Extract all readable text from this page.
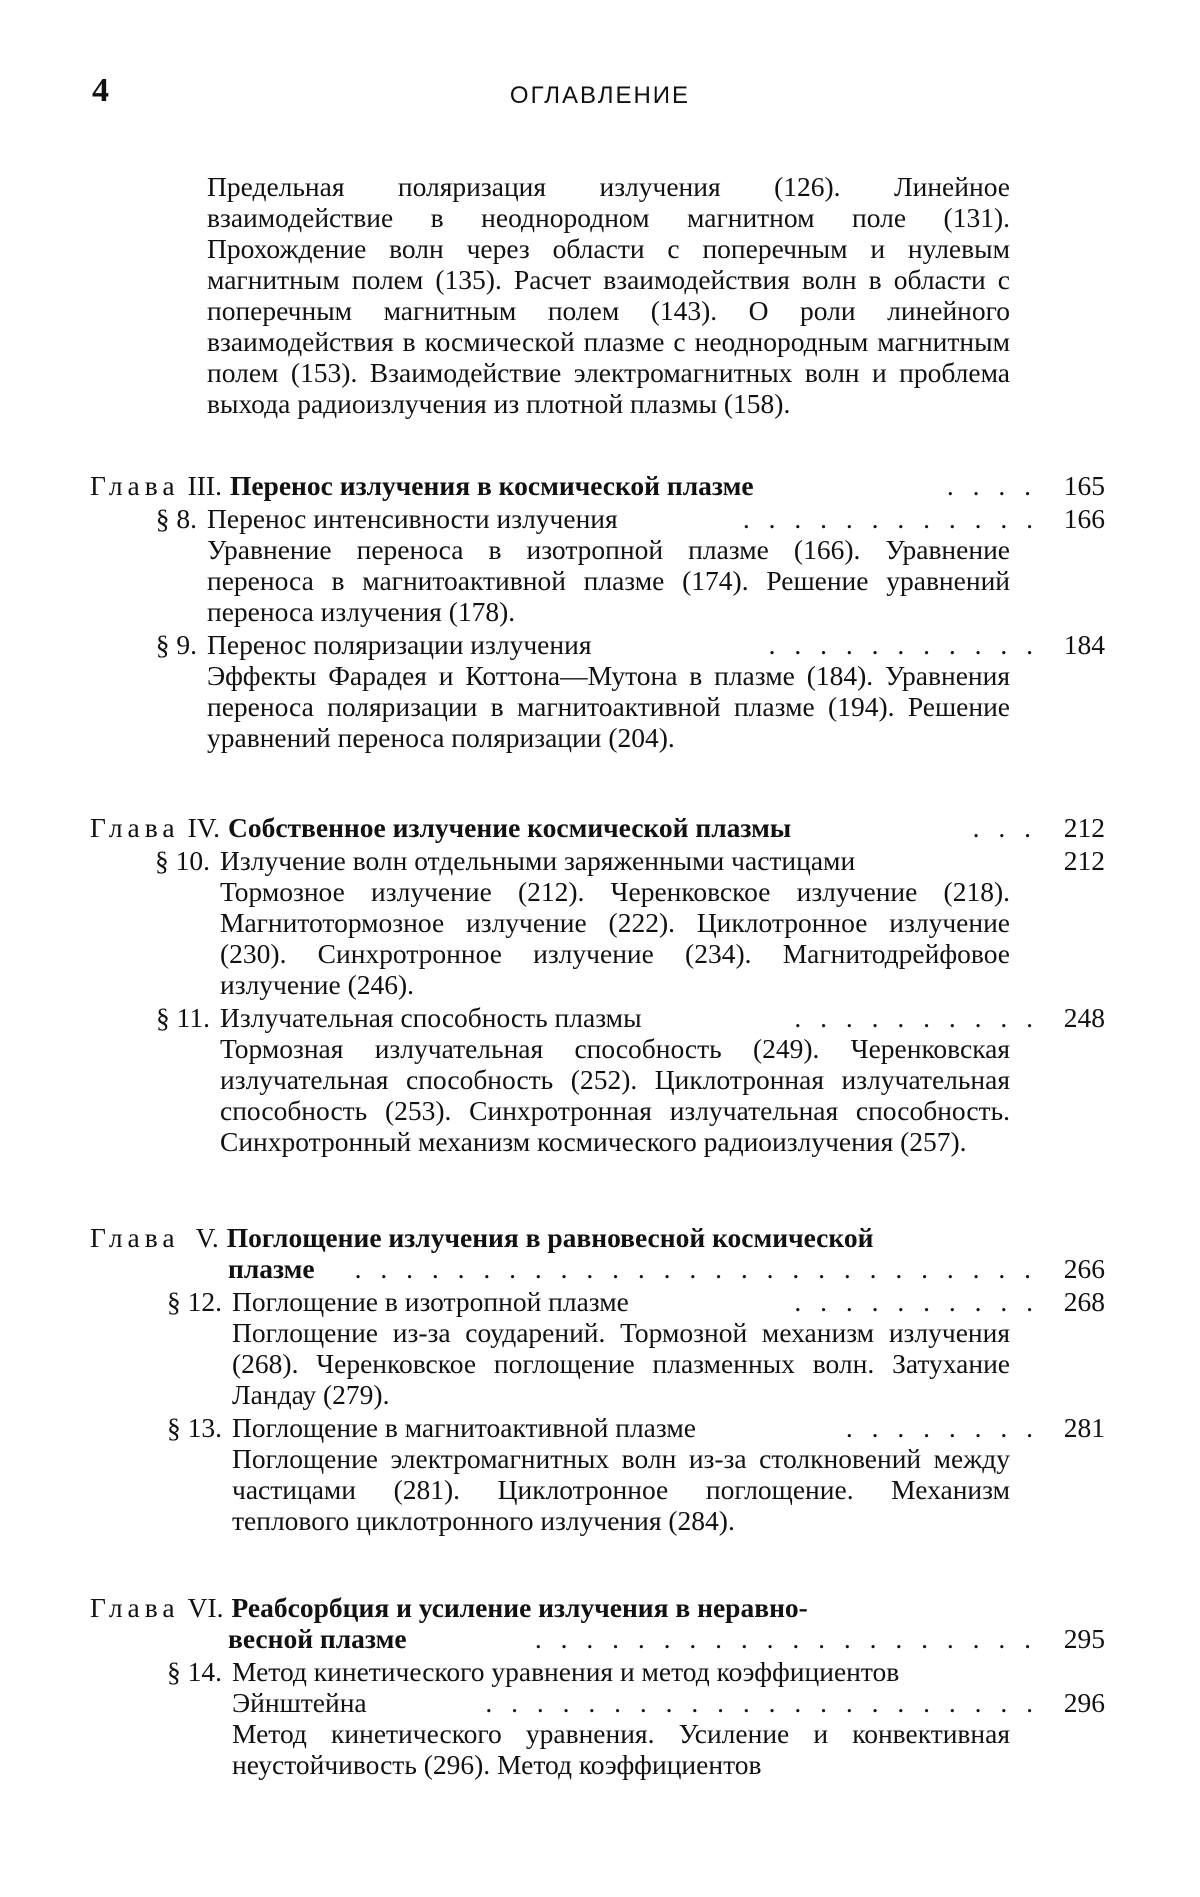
4	ОГЛАВЛЕНИЕ
Предельная поляризация излучения (126). Линейное взаимодействие в неоднородном магнитном поле (131). Прохождение волн через области с поперечным и нулевым магнитным полем (135). Расчет взаимодействия волн в области с поперечным магнитным полем (143). О роли линейного взаимодействия в космической плазме с неоднородным магнитным полем (153). Взаимодействие электромагнитных волн и проблема выхода радиоизлучения из плотной плазмы (158).
Глава III. Перенос излучения в космической плазме	. . . . 165
§ 8. Перенос интенсивности излучения	. . . . . . . . . . . . 166
Уравнение переноса в изотропной плазме (166). Уравнение переноса в магнитоактивной плазме (174). Решение уравнений переноса излучения (178).
§ 9. Перенос поляризации излучения	. . . . . . . . . . . 184
Эффекты Фарадея и Коттона—Мутона в плазме (184). Уравнения переноса поляризации в магнитоактивной плазме (194). Решение уравнений переноса поляризации (204).
Глава IV. Собственное излучение космической плазмы	. . . 212
§ 10. Излучение волн отдельными заряженными частицами	212
Тормозное излучение (212). Черенковское излучение (218). Магнитотормозное излучение (222). Циклотронное излучение (230). Синхротронное излучение (234). Магнитодрейфовое излучение (246).
§ 11. Излучательная способность плазмы	. . . . . . . . . . 248
Тормозная излучательная способность (249). Черенковская излучательная способность (252). Циклотронная излучательная способность (253). Синхротронная излучательная способность. Синхротронный механизм космического радиоизлучения (257).
Глава V. Поглощение излучения в равновесной космической
плазме	. . . . . . . . . . . . . . . . . . . . . . . . . . . 266
§ 12. Поглощение в изотропной плазме	. . . . . . . . . . 268
Поглощение из-за соударений. Тормозной механизм излучения (268). Черенковское поглощение плазменных волн. Затухание Ландау (279).
§ 13. Поглощение в магнитоактивной плазме	. . . . . . . . 281
Поглощение электромагнитных волн из-за столкновений между частицами (281). Циклотронное поглощение. Механизм теплового циклотронного излучения (284).
Глава VI. Реабсорбция и усиление излучения в неравно-
весной плазме	. . . . . . . . . . . . . . . . . . . . 295
§ 14. Метод кинетического уравнения и метод коэффициентов
Эйнштейна	. . . . . . . . . . . . . . . . . . . . . . 296
Метод кинетического уравнения. Усиление и конвективная неустойчивость (296). Метод коэффициентов
